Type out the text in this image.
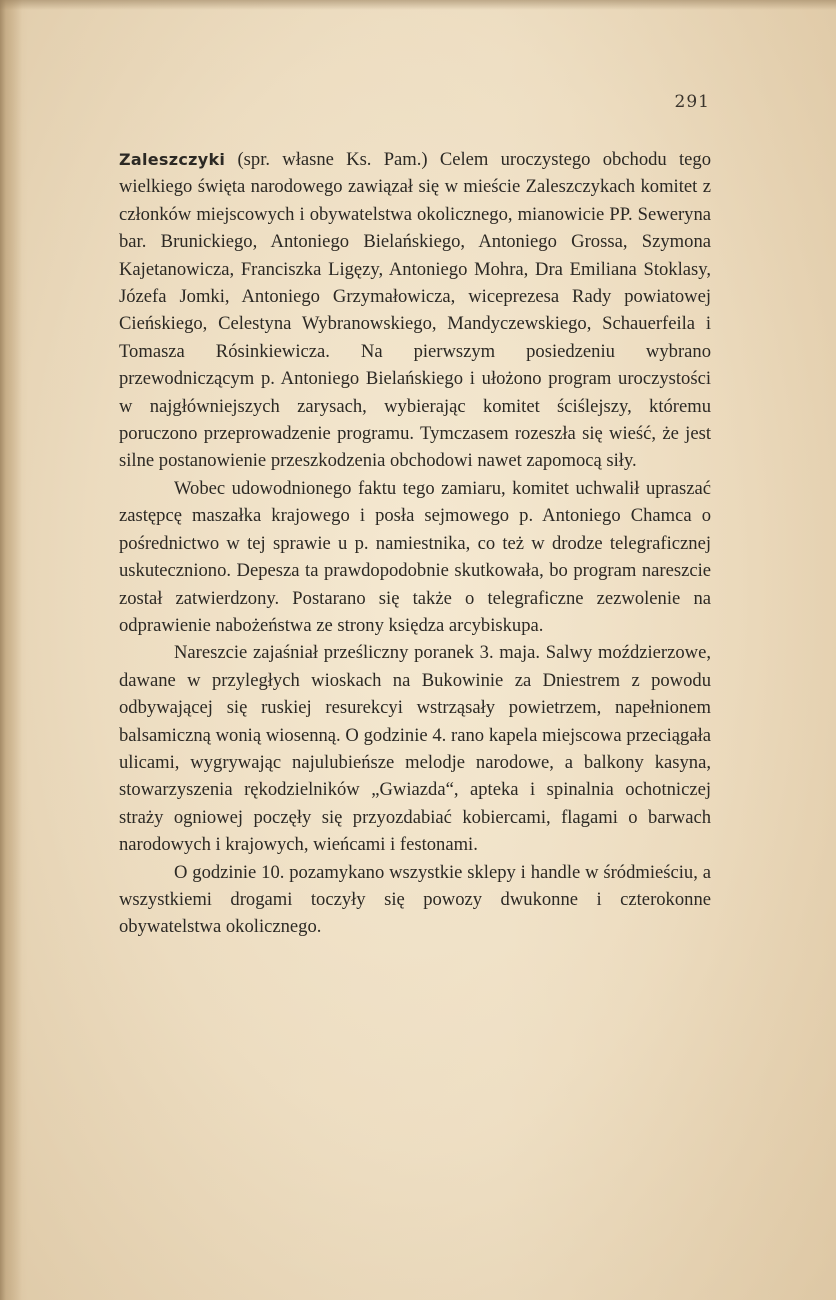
291

Zaleszczyki (spr. własne Ks. Pam.) Celem uroczystego obchodu tego wielkiego święta narodowego zawiązał się w mieście Zaleszczykach komitet z członków miejscowych i obywatelstwa okolicznego, mianowicie PP. Seweryna bar. Brunickiego, Antoniego Bielańskiego, Antoniego Grossa, Szymona Kajetanowicza, Franciszka Ligęzy, Antoniego Mohra, Dra Emiliana Stoklasy, Józefa Jomki, Antoniego Grzymałowicza, wiceprezesa Rady powiatowej Cieńskiego, Celestyna Wybranowskiego, Mandyczewskiego, Schauerfeila i Tomasza Rósinkiewicza. Na pierwszym posiedzeniu wybrano przewodniczącym p. Antoniego Bielańskiego i ułożono program uroczystości w najgłówniejszych zarysach, wybierając komitet ściślejszy, któremu poruczono przeprowadzenie programu. Tymczasem rozeszła się wieść, że jest silne postanowienie przeszkodzenia obchodowi nawet zapomocą siły.

Wobec udowodnionego faktu tego zamiaru, komitet uchwalił upraszać zastępcę maszałka krajowego i posła sejmowego p. Antoniego Chamca o pośrednictwo w tej sprawie u p. namiestnika, co też w drodze telegraficznej uskuteczniono. Depesza ta prawdopodobnie skutkowała, bo program nareszcie został zatwierdzony. Postarano się także o telegraficzne zezwolenie na odprawienie nabożeństwa ze strony księdza arcybiskupa.

Nareszcie zajaśniał prześliczny poranek 3. maja. Salwy moździerzowe, dawane w przyległych wioskach na Bukowinie za Dniestrem z powodu odbywającej się ruskiej resurekcyi wstrząsały powietrzem, napełnionem balsamiczną wonią wiosenną. O godzinie 4. rano kapela miejscowa przeciągała ulicami, wygrywając najulubieńsze melodje narodowe, a balkony kasyna, stowarzyszenia rękodzielników „Gwiazda“, apteka i spinalnia ochotniczej straży ogniowej poczęły się przyozdabiać kobiercami, flagami o barwach narodowych i krajowych, wieńcami i festonami.

O godzinie 10. pozamykano wszystkie sklepy i handle w śródmieściu, a wszystkiemi drogami toczyły się powozy dwukonne i czterokonne obywatelstwa okolicznego.
